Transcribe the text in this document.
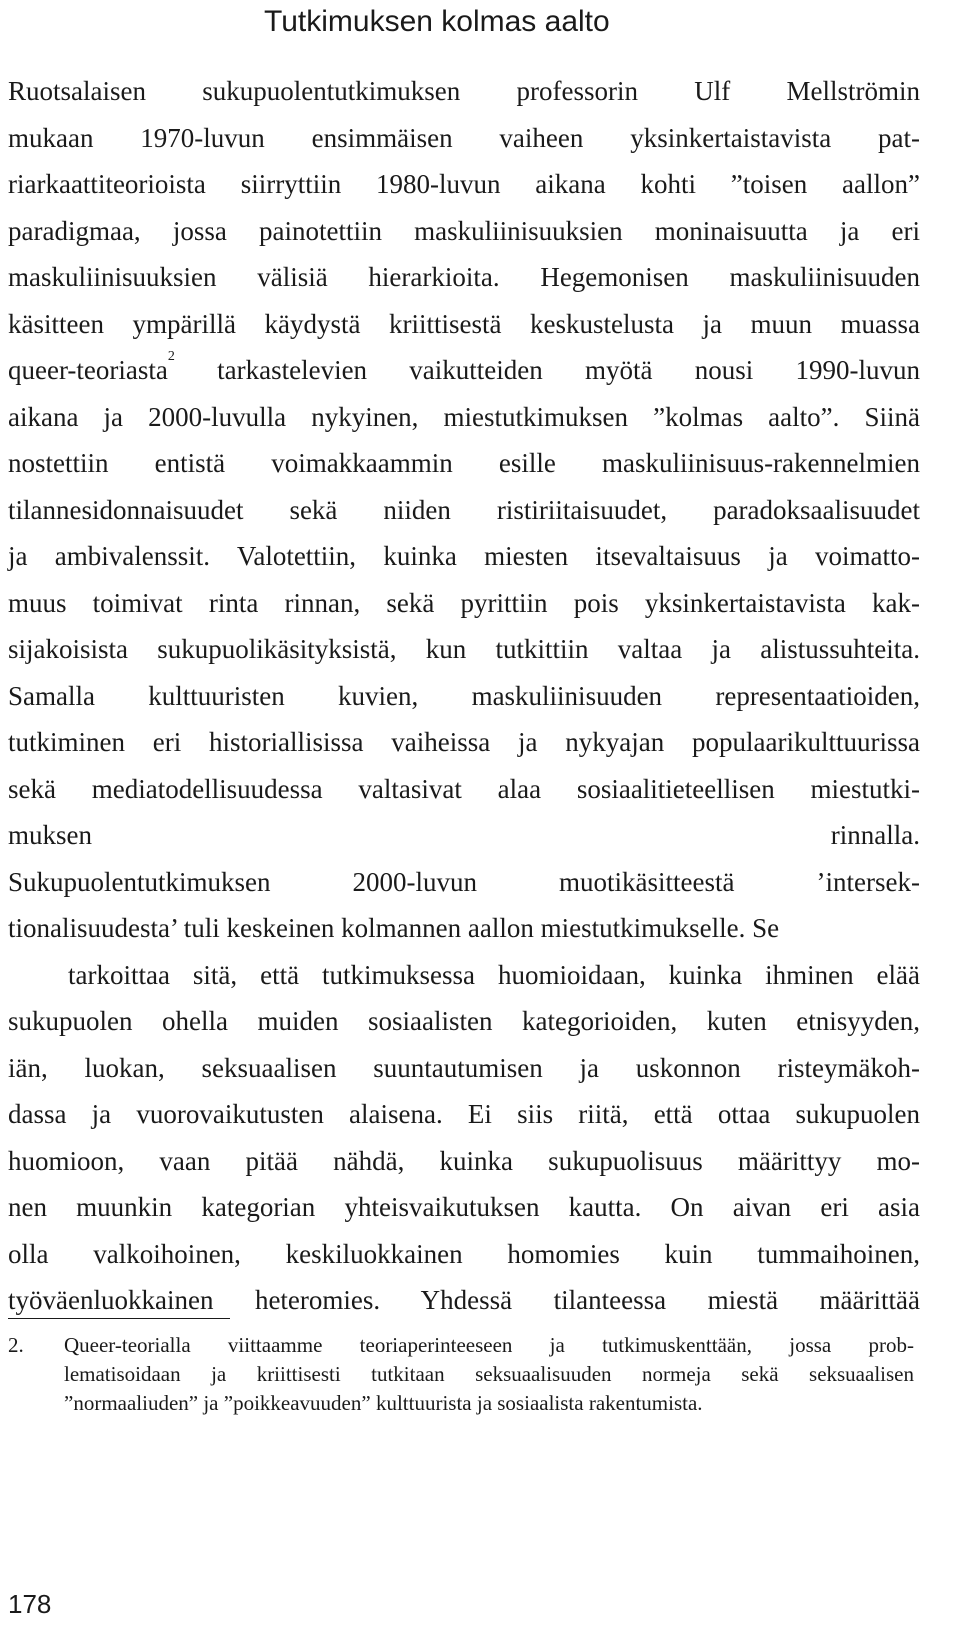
Tutkimuksen kolmas aalto
Ruotsalaisen sukupuolentutkimuksen professorin Ulf Mellströmin
mukaan 1970-luvun ensimmäisen vaiheen yksinkertaistavista pat-
riarkaattiteorioista siirryttiin 1980-luvun aikana kohti ”toisen aallon”
paradigmaa, jossa painotettiin maskuliinisuuksien moninaisuutta ja eri
maskuliinisuuksien välisiä hierarkioita. Hegemonisen maskuliinisuuden
käsitteen ympärillä käydystä kriittisestä keskustelusta ja muun muassa
queer-teoriasta$^2$ tarkastelevien vaikutteiden myötä nousi 1990-luvun
aikana ja 2000-luvulla nykyinen, miestutkimuksen ”kolmas aalto”. Siinä
nostettiin entistä voimakkaammin esille maskuliinisuus-rakennelmien
tilannesidonnaisuudet sekä niiden ristiriitaisuudet, paradoksaalisuudet
ja ambivalenssit. Valotettiin, kuinka miesten itsevaltaisuus ja voimatto-
muus toimivat rinta rinnan, sekä pyrittiin pois yksinkertaistavista kak-
sijakoisista sukupuolikäsityksistä, kun tutkittiin valtaa ja alistussuhteita.
Samalla kulttuuristen kuvien, maskuliinisuuden representaatioiden,
tutkiminen eri historiallisissa vaiheissa ja nykyajan populaarikulttuurissa
sekä mediatodellisuudessa valtasivat alaa sosiaalitieteellisen miestutki-
muksen rinnalla.
Sukupuolentutkimuksen 2000-luvun muotikäsitteestä ’intersek-
tionalisuudesta’ tuli keskeinen kolmannen aallon miestutkimukselle. Se
tarkoittaa sitä, että tutkimuksessa huomioidaan, kuinka ihminen elää
sukupuolen ohella muiden sosiaalisten kategorioiden, kuten etnisyyden,
iän, luokan, seksuaalisen suuntautumisen ja uskonnon risteymäkoh-
dassa ja vuorovaikutusten alaisena. Ei siis riitä, että ottaa sukupuolen
huomioon, vaan pitää nähdä, kuinka sukupuolisuus määrittyy mo-
nen muunkin kategorian yhteisvaikutuksen kautta. On aivan eri asia
olla valkoihoinen, keskiluokkainen homomies kuin tummaihoinen,
työväenluokkainen heteromies. Yhdessä tilanteessa miestä määrittää
2.	Queer-teorialla viittaamme teoriaperinteeseen ja tutkimuskenttään, jossa prob-
lematisoidaan ja kriittisesti tutkitaan seksuaalisuuden normeja sekä seksuaalisen
”normaaliuden” ja ”poikkeavuuden” kulttuurista ja sosiaalista rakentumista.
178
